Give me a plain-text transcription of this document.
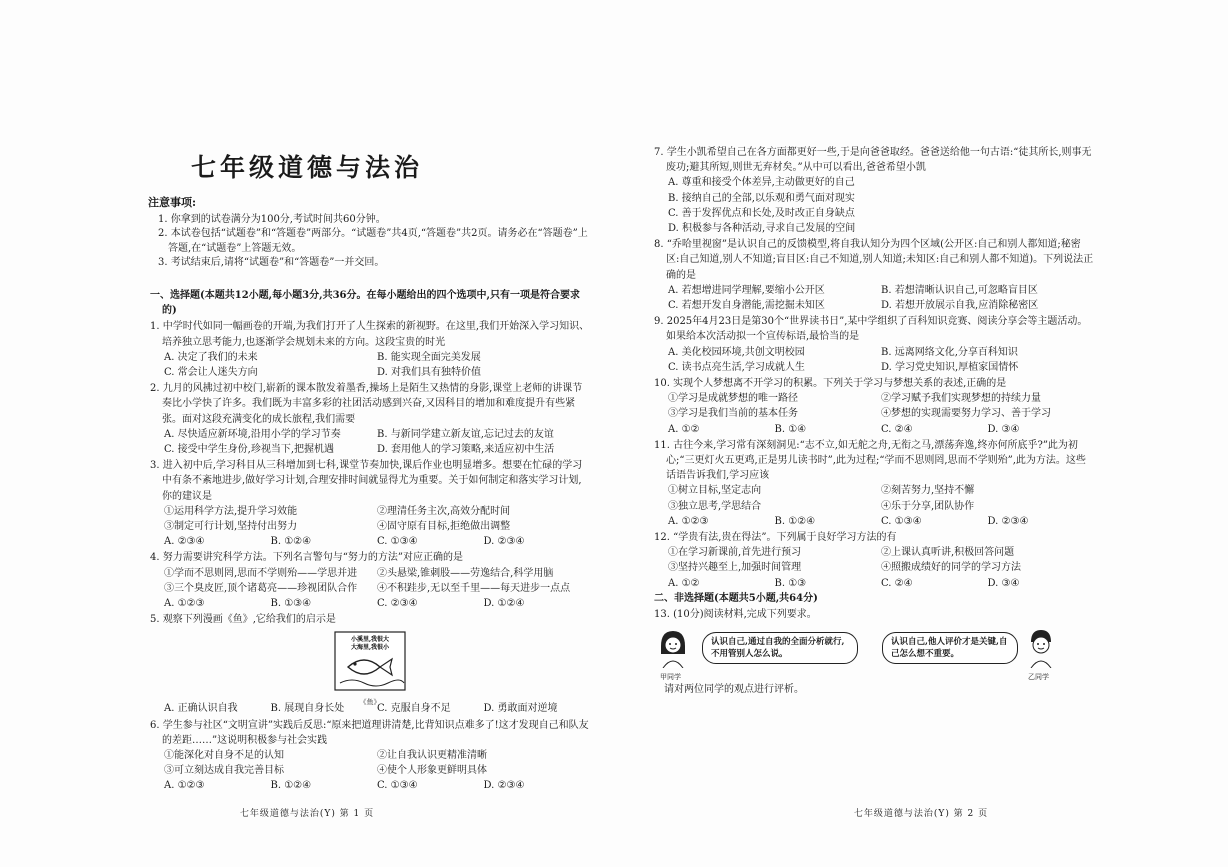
七年级道德与法治
注意事项:
1. 你拿到的试卷满分为100分,考试时间共60分钟。
2. 本试卷包括“试题卷”和“答题卷”两部分。“试题卷”共4页,“答题卷”共2页。请务必在“答题卷”上答题,在“试题卷”上答题无效。
3. 考试结束后,请将“试题卷”和“答题卷”一并交回。
一、选择题(本题共12小题,每小题3分,共36分。在每小题给出的四个选项中,只有一项是符合要求的)
1. 中学时代如同一幅画卷的开端,为我们打开了人生探索的新视野。在这里,我们开始深入学习知识、培养独立思考能力,也逐渐学会规划未来的方向。这段宝贵的时光
A. 决定了我们的未来	B. 能实现全面完美发展
C. 常会让人迷失方向	D. 对我们具有独特价值
2. 九月的风拂过初中校门,崭新的课本散发着墨香,操场上是陌生又热情的身影,课堂上老师的讲课节奏比小学快了许多。我们既为丰富多彩的社团活动感到兴奋,又因科目的增加和难度提升有些紧张。面对这段充满变化的成长旅程,我们需要
A. 尽快适应新环境,沿用小学的学习节奏	B. 与新同学建立新友谊,忘记过去的友谊
C. 接受中学生身份,珍视当下,把握机遇	D. 套用他人的学习策略,来适应初中生活
3. 进入初中后,学习科目从三科增加到七科,课堂节奏加快,课后作业也明显增多。想要在忙碌的学习中有条不紊地进步,做好学习计划,合理安排时间就显得尤为重要。关于如何制定和落实学习计划,你的建议是
①运用科学方法,提升学习效能	②理清任务主次,高效分配时间
③制定可行计划,坚持付出努力	④固守原有目标,拒绝做出调整
A. ②③④	B. ①②④	C. ①③④	D. ②③④
4. 努力需要讲究科学方法。下列名言警句与“努力的方法”对应正确的是
①学而不思则罔,思而不学则殆——学思并进	②头悬梁,锥刺股——劳逸结合,科学用脑
③三个臭皮匠,顶个诸葛亮——珍视团队合作	④不积跬步,无以至千里——每天进步一点点
A. ①②③	B. ①③④	C. ②③④	D. ①②④
5. 观察下列漫画《鱼》,它给我们的启示是
小溪里,我很大
大海里,我很小
《鱼》
A. 正确认识自我	B. 展现自身长处	C. 克服自身不足	D. 勇敢面对逆境
6. 学生参与社区“文明宣讲”实践后反思:“原来把道理讲清楚,比背知识点难多了!这才发现自己和队友的差距……”这说明积极参与社会实践
①能深化对自身不足的认知	②让自我认识更精准清晰
③可立刻达成自我完善目标	④使个人形象更鲜明具体
A. ①②③	B. ①②④	C. ①③④	D. ②③④
七年级道德与法治(Y) 第 1 页
7. 学生小凯希望自己在各方面都更好一些,于是向爸爸取经。爸爸送给他一句古语:“徒其所长,则事无废功;避其所短,则世无弃材矣。”从中可以看出,爸爸希望小凯
A. 尊重和接受个体差异,主动做更好的自己
B. 接纳自己的全部,以乐观和勇气面对现实
C. 善于发挥优点和长处,及时改正自身缺点
D. 积极参与各种活动,寻求自己发展的空间
8. “乔哈里视窗”是认识自己的反馈模型,将自我认知分为四个区域(公开区:自己和别人都知道;秘密区:自己知道,别人不知道;盲目区:自己不知道,别人知道;未知区:自己和别人都不知道)。下列说法正确的是
A. 若想增进同学理解,要缩小公开区	B. 若想清晰认识自己,可忽略盲目区
C. 若想开发自身潜能,需挖掘未知区	D. 若想开放展示自我,应消除秘密区
9. 2025年4月23日是第30个“世界读书日”,某中学组织了百科知识竞赛、阅读分享会等主题活动。如果给本次活动拟一个宣传标语,最恰当的是
A. 美化校园环境,共创文明校园	B. 远离网络文化,分享百科知识
C. 读书点亮生活,学习成就人生	D. 学习党史知识,厚植家国情怀
10. 实现个人梦想离不开学习的积累。下列关于学习与梦想关系的表述,正确的是
①学习是成就梦想的唯一路径	②学习赋予我们实现梦想的持续力量
③学习是我们当前的基本任务	④梦想的实现需要努力学习、善于学习
A. ①②	B. ①④	C. ②④	D. ③④
11. 古往今来,学习常有深刻洞见:“志不立,如无舵之舟,无衔之马,漂荡奔逸,终亦何所底乎?”此为初心;“三更灯火五更鸡,正是男儿读书时”,此为过程;“学而不思则罔,思而不学则殆”,此为方法。这些话语告诉我们,学习应该
①树立目标,坚定志向	②刻苦努力,坚持不懈
③独立思考,学思结合	④乐于分享,团队协作
A. ①②③	B. ①②④	C. ①③④	D. ②③④
12. “学贵有法,贵在得法”。下列属于良好学习方法的有
①在学习新课前,首先进行预习	②上课认真听讲,积极回答问题
③坚持兴趣至上,加强时间管理	④照搬成绩好的同学的学习方法
A. ①②	B. ①③	C. ②④	D. ③④
二、非选择题(本题共5小题,共64分)
13. (10分)阅读材料,完成下列要求。
甲同学
认识自己,通过自我的全面分析就行,不用管别人怎么说。
认识自己,他人评价才是关键,自己怎么想不重要。
乙同学
请对两位同学的观点进行评析。
七年级道德与法治(Y) 第 2 页
